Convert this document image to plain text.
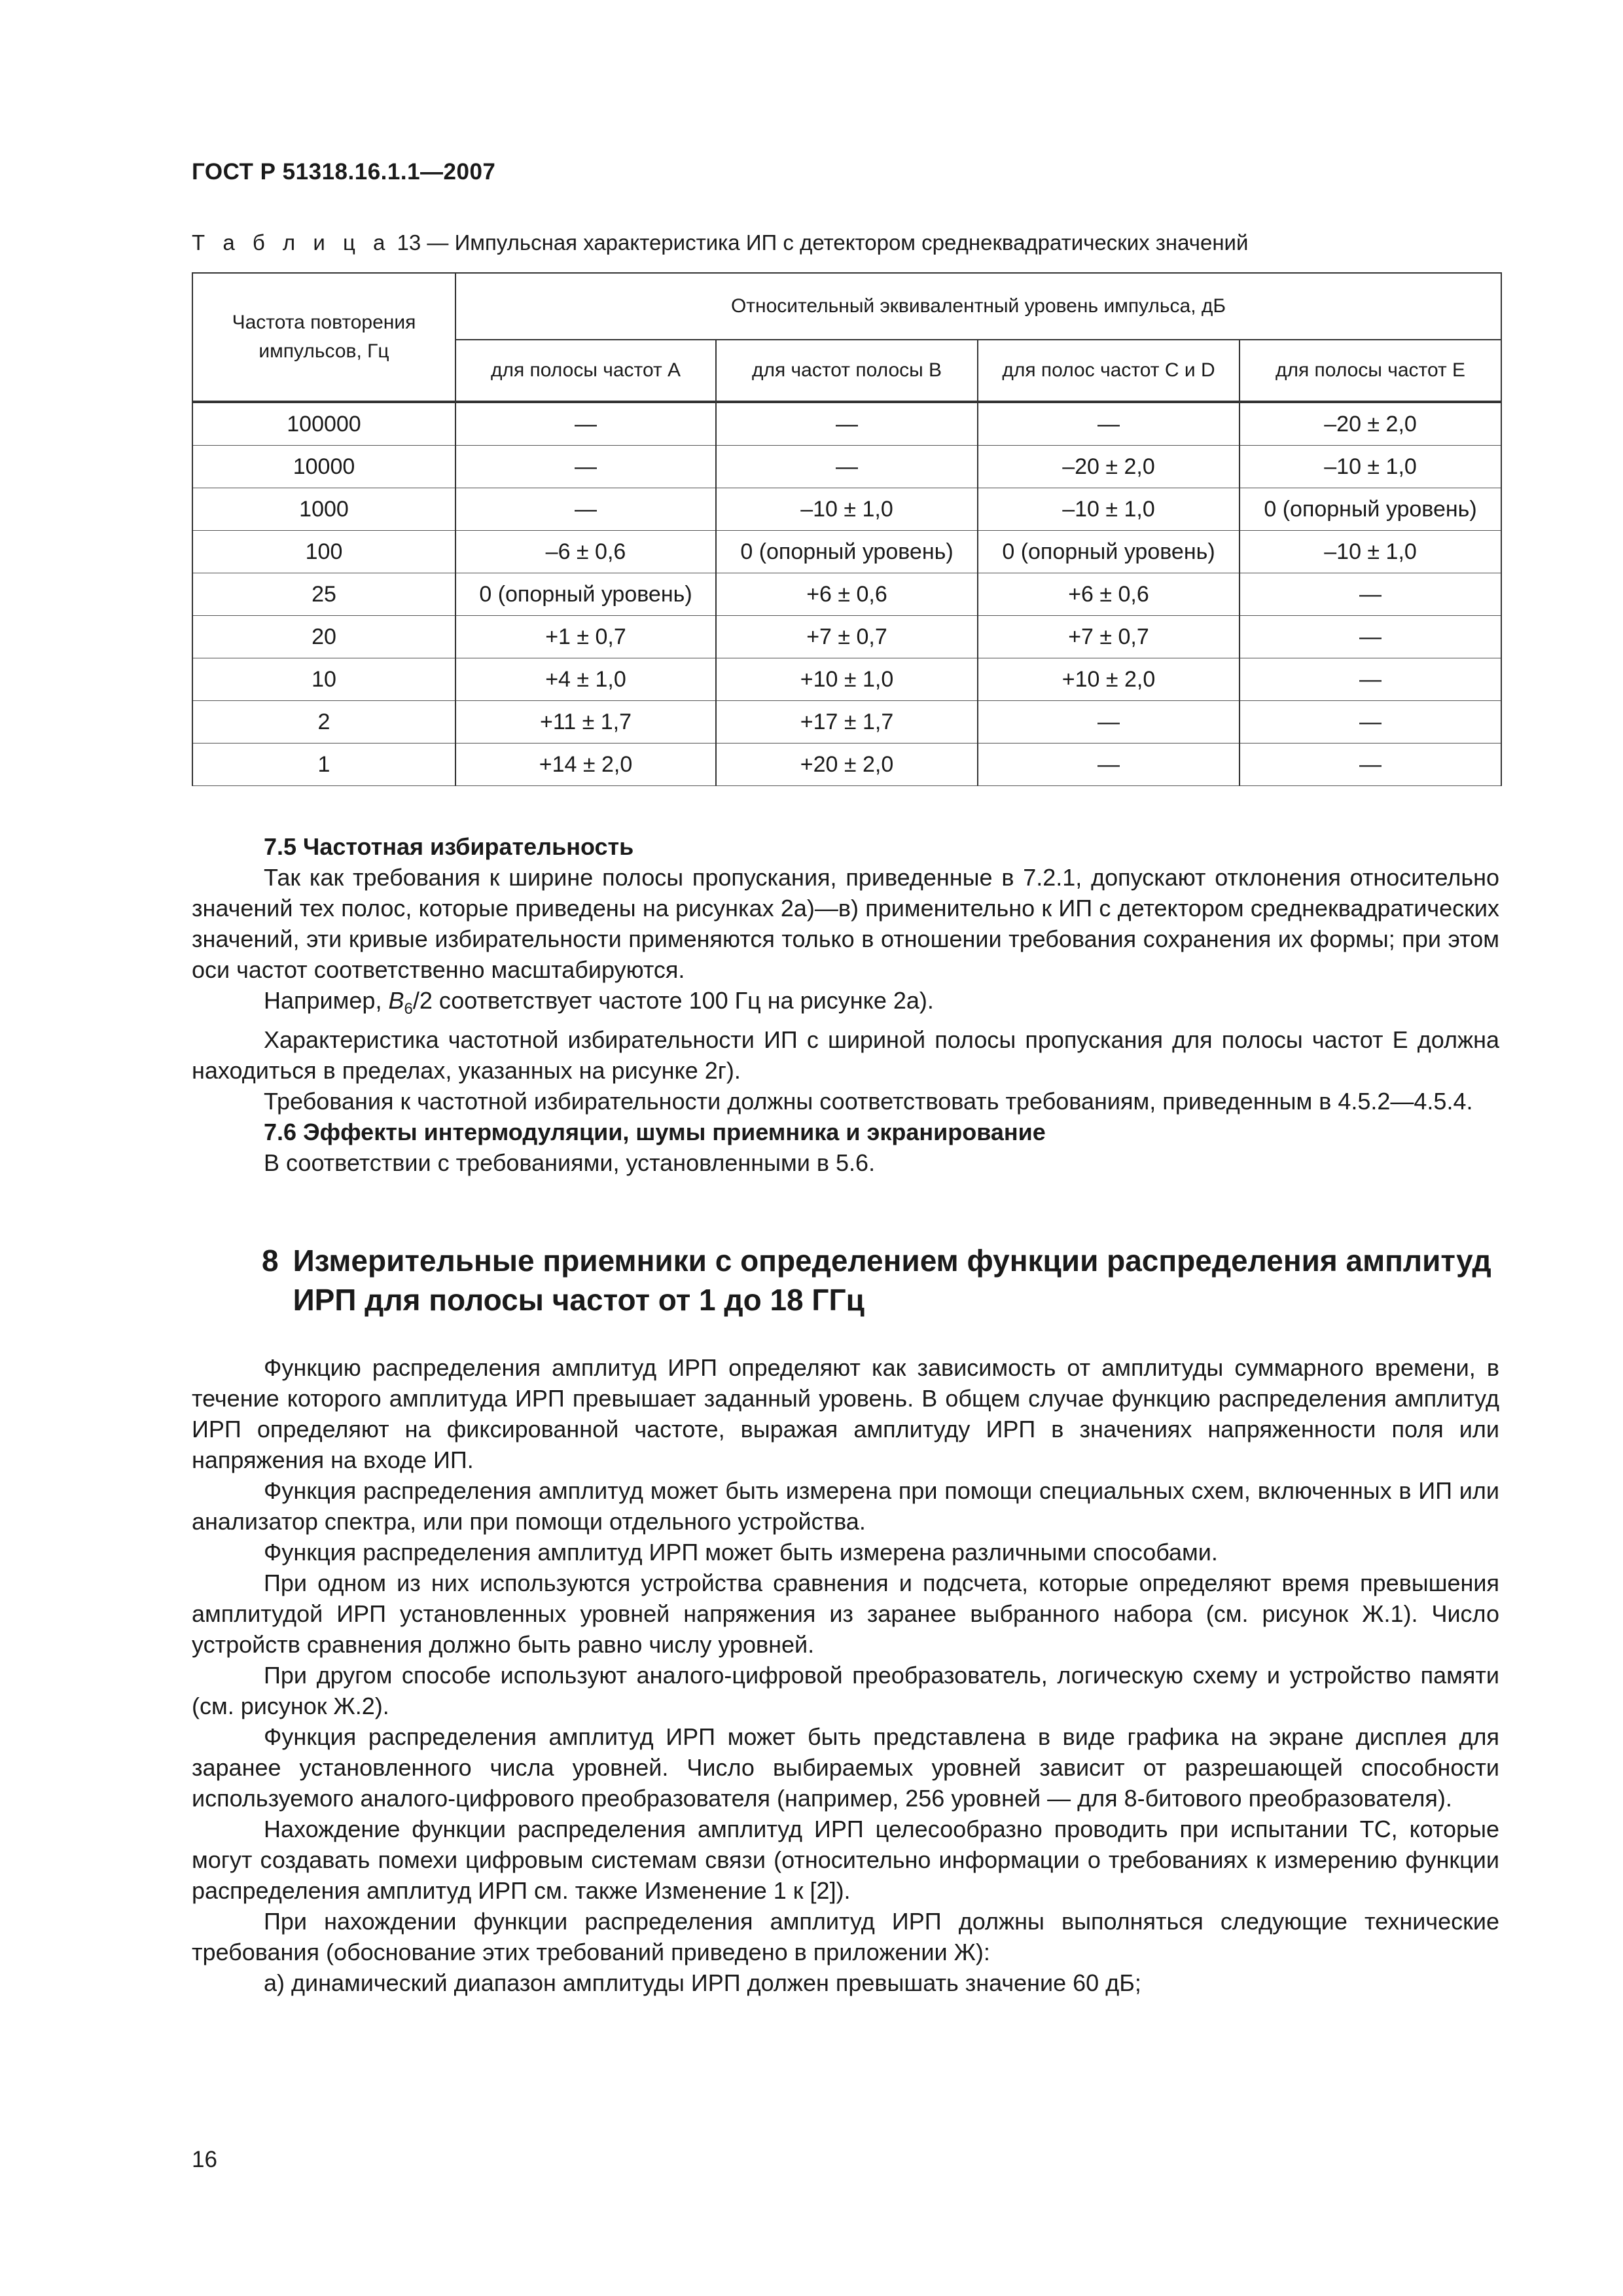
ГОСТ Р 51318.16.1.1—2007
Т а б л и ц а 13 — Импульсная характеристика ИП с детектором среднеквадратических значений
Частота повторения импульсов, Гц	Относительный эквивалентный уровень импульса, дБ			
	для полосы частот А	для частот полосы В	для полос частот С и D	для полосы частот Е
100000	—	—	—	–20 ± 2,0
10000	—	—	–20 ± 2,0	–10 ± 1,0
1000	—	–10 ± 1,0	–10 ± 1,0	0 (опорный уровень)
100	–6 ± 0,6	0 (опорный уровень)	0 (опорный уровень)	–10 ± 1,0
25	0 (опорный уровень)	+6 ± 0,6	+6 ± 0,6	—
20	+1 ± 0,7	+7 ± 0,7	+7 ± 0,7	—
10	+4 ± 1,0	+10 ± 1,0	+10 ± 2,0	—
2	+11 ± 1,7	+17 ± 1,7	—	—
1	+14 ± 2,0	+20 ± 2,0	—	—

7.5 Частотная избирательность

Так как требования к ширине полосы пропускания, приведенные в 7.2.1, допускают отклонения относительно значений тех полос, которые приведены на рисунках 2а)—в) применительно к ИП с детектором среднеквадратических значений, эти кривые избирательности применяются только в отношении требования сохранения их формы; при этом оси частот соответственно масштабируются.

Например, $B_6/2$ соответствует частоте 100 Гц на рисунке 2а).

Характеристика частотной избирательности ИП с шириной полосы пропускания для полосы частот Е должна находиться в пределах, указанных на рисунке 2г).

Требования к частотной избирательности должны соответствовать требованиям, приведенным в 4.5.2—4.5.4.

7.6 Эффекты интермодуляции, шумы приемника и экранирование

В соответствии с требованиями, установленными в 5.6.

8 Измерительные приемники с определением функции распределения амплитуд ИРП для полосы частот от 1 до 18 ГГц

Функцию распределения амплитуд ИРП определяют как зависимость от амплитуды суммарного времени, в течение которого амплитуда ИРП превышает заданный уровень. В общем случае функцию распределения амплитуд ИРП определяют на фиксированной частоте, выражая амплитуду ИРП в значениях напряженности поля или напряжения на входе ИП.

Функция распределения амплитуд может быть измерена при помощи специальных схем, включенных в ИП или анализатор спектра, или при помощи отдельного устройства.

Функция распределения амплитуд ИРП может быть измерена различными способами.

При одном из них используются устройства сравнения и подсчета, которые определяют время превышения амплитудой ИРП установленных уровней напряжения из заранее выбранного набора (см. рисунок Ж.1). Число устройств сравнения должно быть равно числу уровней.

При другом способе используют аналого-цифровой преобразователь, логическую схему и устройство памяти (см. рисунок Ж.2).

Функция распределения амплитуд ИРП может быть представлена в виде графика на экране дисплея для заранее установленного числа уровней. Число выбираемых уровней зависит от разрешающей способности используемого аналого-цифрового преобразователя (например, 256 уровней — для 8-битового преобразователя).

Нахождение функции распределения амплитуд ИРП целесообразно проводить при испытании ТС, которые могут создавать помехи цифровым системам связи (относительно информации о требованиях к измерению функции распределения амплитуд ИРП см. также Изменение 1 к [2]).

При нахождении функции распределения амплитуд ИРП должны выполняться следующие технические требования (обоснование этих требований приведено в приложении Ж):

а) динамический диапазон амплитуды ИРП должен превышать значение 60 дБ;

16
